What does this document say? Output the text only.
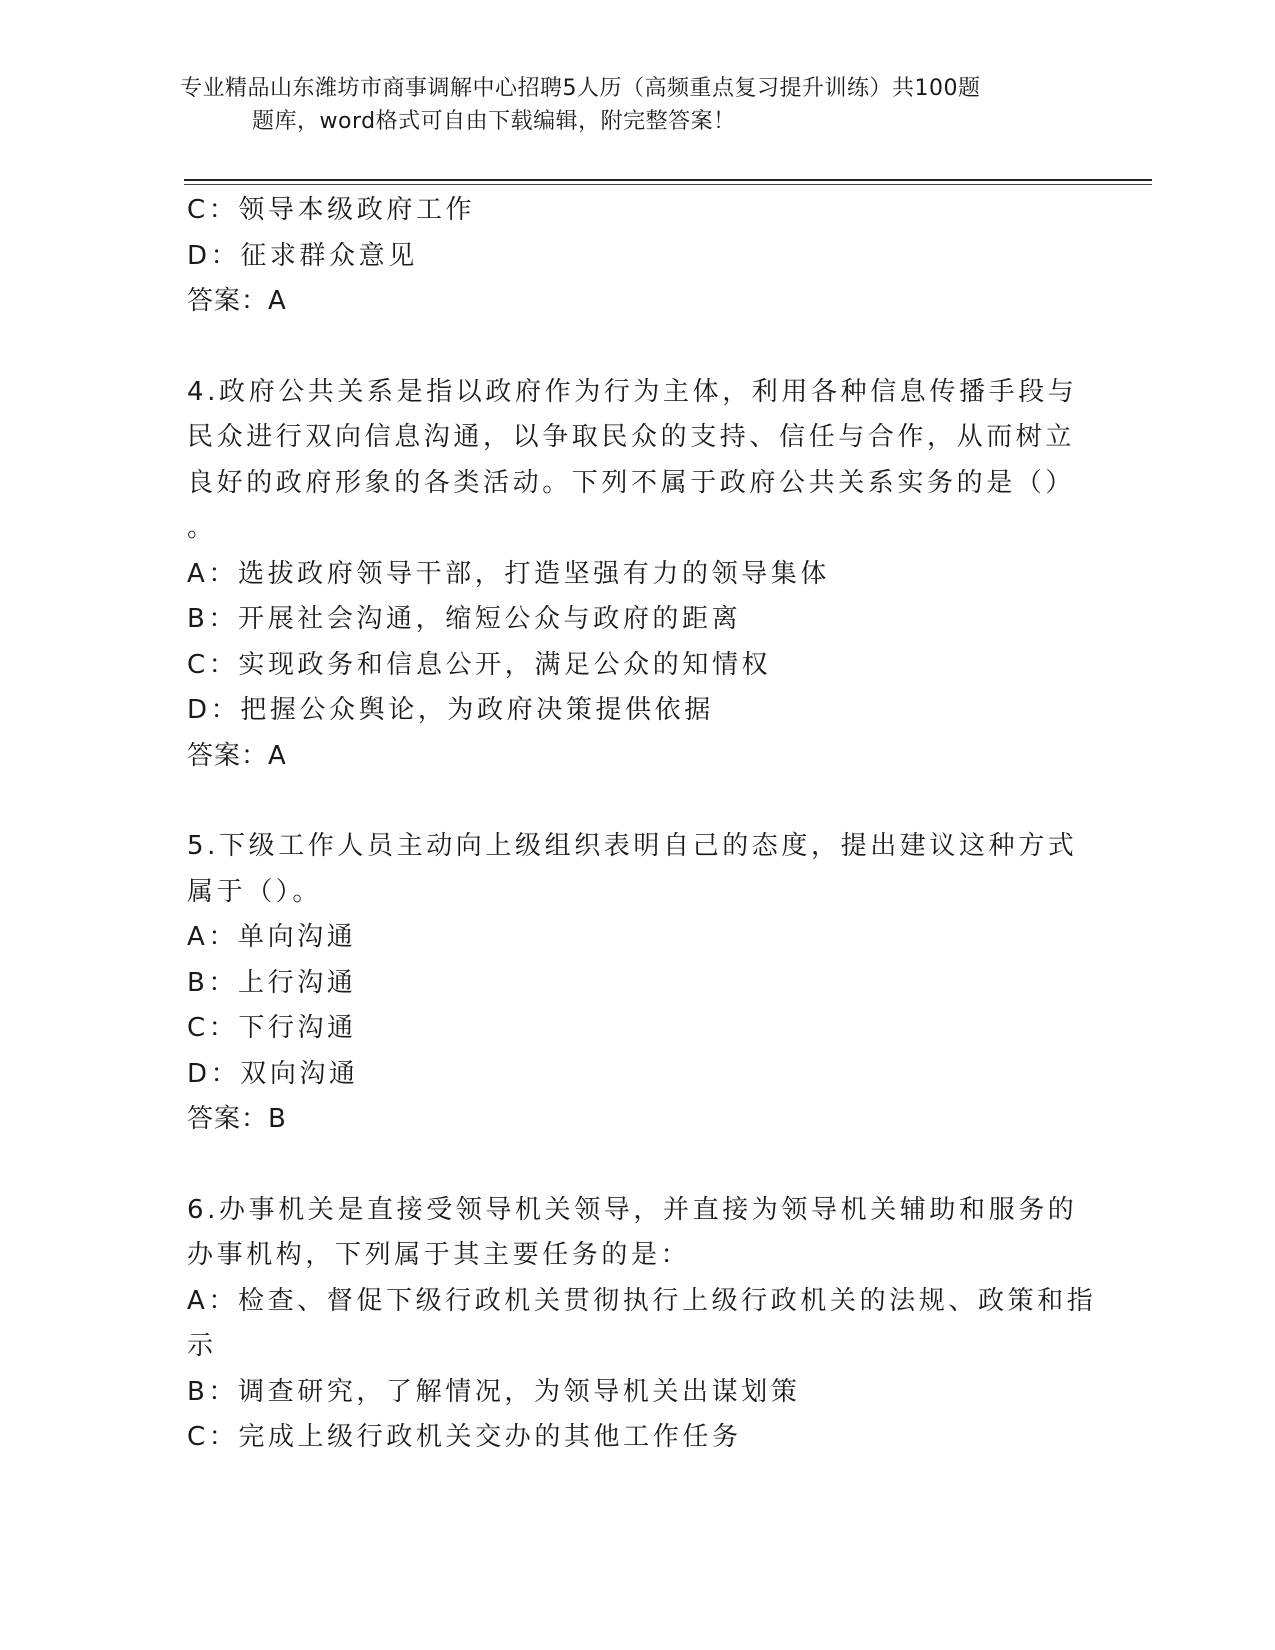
专业精品山东潍坊市商事调解中心招聘5人历（高频重点复习提升训练）共100题
题库，word格式可自由下载编辑，附完整答案！
C：领导本级政府工作
D：征求群众意见
答案：A
4.政府公共关系是指以政府作为行为主体，利用各种信息传播手段与
民众进行双向信息沟通，以争取民众的支持、信任与合作，从而树立
良好的政府形象的各类活动。下列不属于政府公共关系实务的是（）
。
A：选拔政府领导干部，打造坚强有力的领导集体
B：开展社会沟通，缩短公众与政府的距离
C：实现政务和信息公开，满足公众的知情权
D：把握公众舆论，为政府决策提供依据
答案：A
5.下级工作人员主动向上级组织表明自己的态度，提出建议这种方式
属于（）。
A：单向沟通
B：上行沟通
C：下行沟通
D：双向沟通
答案：B
6.办事机关是直接受领导机关领导，并直接为领导机关辅助和服务的
办事机构，下列属于其主要任务的是：
A：检查、督促下级行政机关贯彻执行上级行政机关的法规、政策和指
示
B：调查研究，了解情况，为领导机关出谋划策
C：完成上级行政机关交办的其他工作任务
